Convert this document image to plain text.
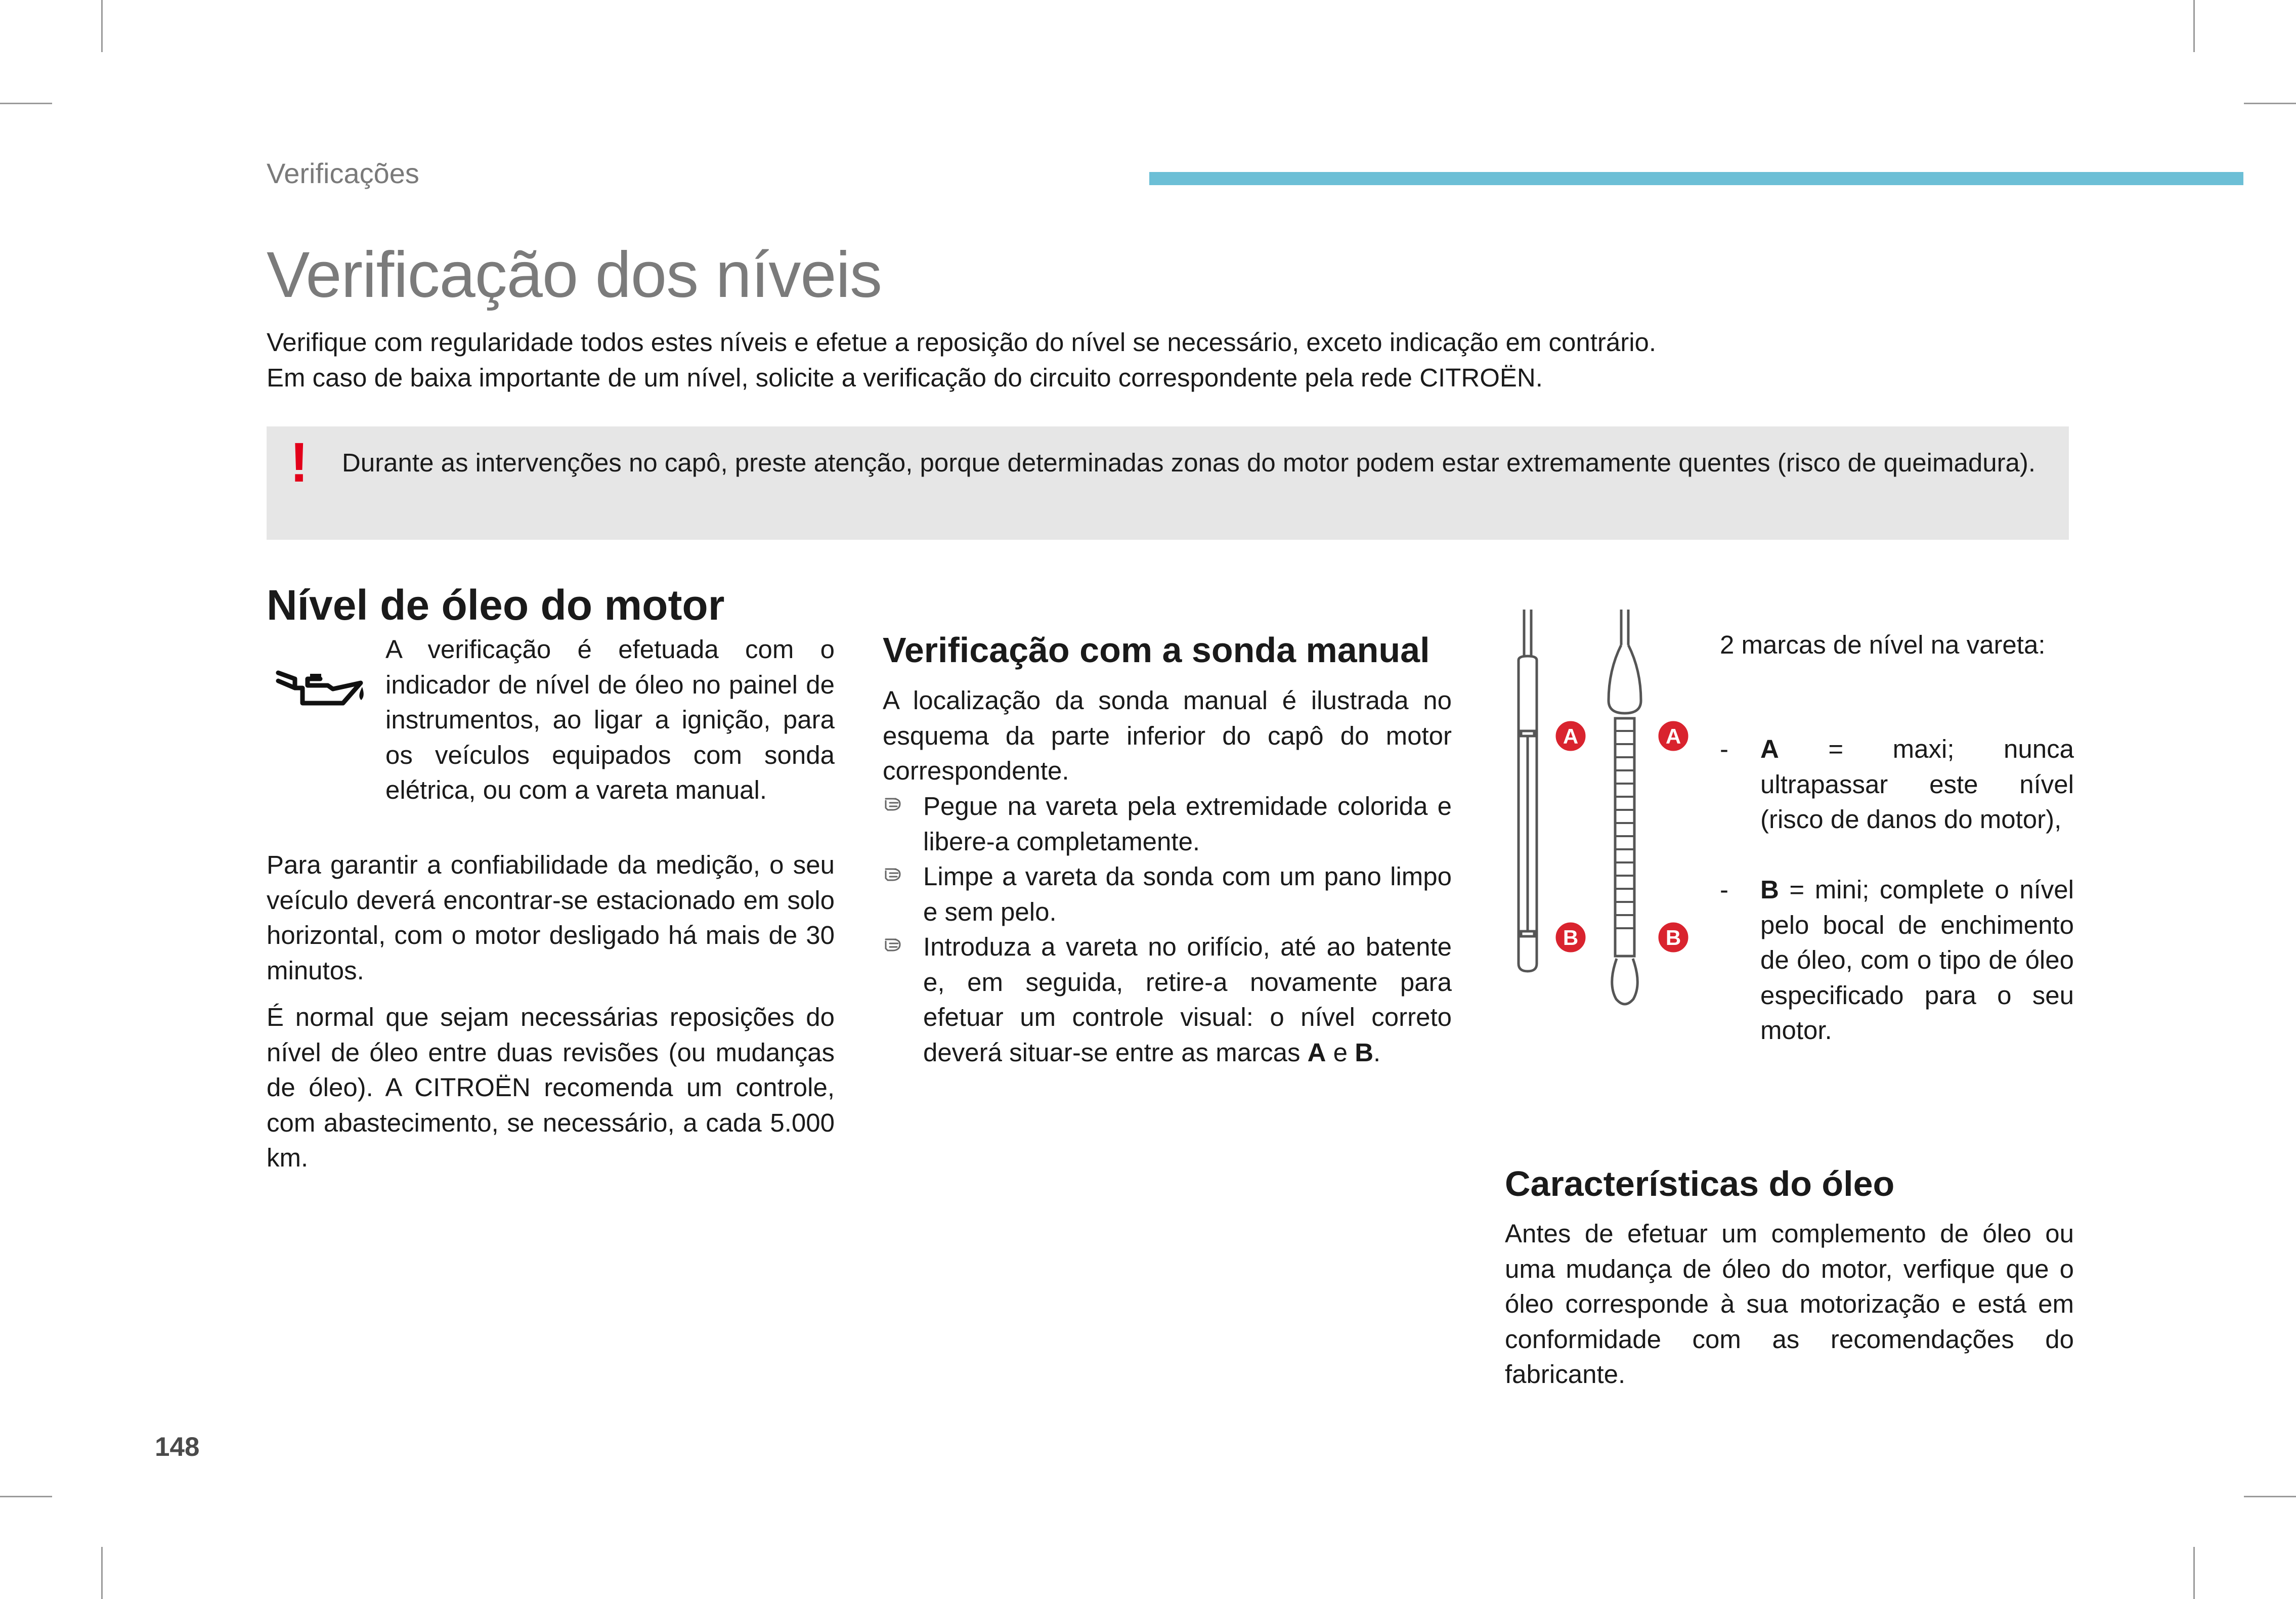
Verificações
Verificação dos níveis
Verifique com regularidade todos estes níveis e efetue a reposição do nível se necessário, exceto indicação em contrário.
Em caso de baixa importante de um nível, solicite a verificação do circuito correspondente pela rede CITROËN.
! Durante as intervenções no capô, preste atenção, porque determinadas zonas do motor podem estar extremamente quentes (risco de queimadura).
Nível de óleo do motor
A verificação é efetuada com o indicador de nível de óleo no painel de instrumentos, ao ligar a ignição, para os veículos equipados com sonda elétrica, ou com a vareta manual.
Para garantir a confiabilidade da medição, o seu veículo deverá encontrar-se estacionado em solo horizontal, com o motor desligado há mais de 30 minutos.
É normal que sejam necessárias reposições do nível de óleo entre duas revisões (ou mudanças de óleo). A CITROËN recomenda um controle, com abastecimento, se necessário, a cada 5.000 km.
Verificação com a sonda manual
A localização da sonda manual é ilustrada no esquema da parte inferior do capô do motor correspondente.
Pegue na vareta pela extremidade colorida e libere-a completamente.
Limpe a vareta da sonda com um pano limpo e sem pelo.
Introduza a vareta no orifício, até ao batente e, em seguida, retire-a novamente para efetuar um controle visual: o nível correto deverá situar-se entre as marcas A e B.
A	A
B	B
2 marcas de nível na vareta:
- A = maxi; nunca ultrapassar este nível (risco de danos do motor),
- B = mini; complete o nível pelo bocal de enchimento de óleo, com o tipo de óleo especificado para o seu motor.
Características do óleo
Antes de efetuar um complemento de óleo ou uma mudança de óleo do motor, verfique que o óleo corresponde à sua motorização e está em conformidade com as recomendações do fabricante.
148
